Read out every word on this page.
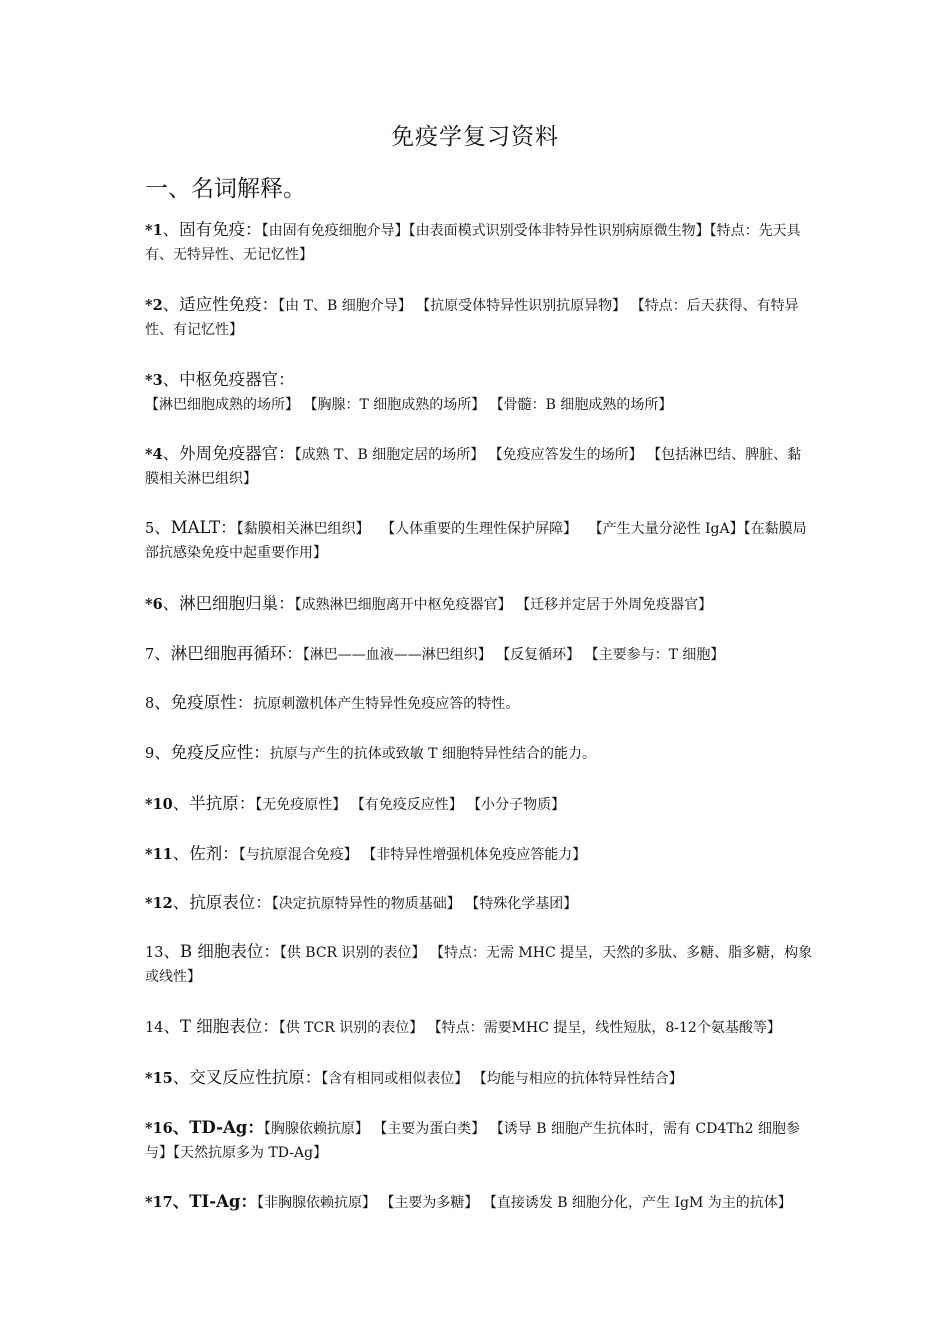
免疫学复习资料
一、名词解释。
*1、固有免疫：【由固有免疫细胞介导】【由表面模式识别受体非特异性识别病原微生物】【特点：先天具有、无特异性、无记忆性】
*2、适应性免疫：【由 T、B 细胞介导】 【抗原受体特异性识别抗原异物】 【特点：后天获得、有特异性、有记忆性】
*3、中枢免疫器官：【淋巴细胞成熟的场所】 【胸腺：T 细胞成熟的场所】 【骨髓：B 细胞成熟的场所】
*4、外周免疫器官：【成熟 T、B 细胞定居的场所】 【免疫应答发生的场所】 【包括淋巴结、脾脏、黏膜相关淋巴组织】
5、MALT：【黏膜相关淋巴组织】　 【人体重要的生理性保护屏障】　 【产生大量分泌性 IgA】【在黏膜局部抗感染免疫中起重要作用】
*6、淋巴细胞归巢：【成熟淋巴细胞离开中枢免疫器官】 【迁移并定居于外周免疫器官】
7、淋巴细胞再循环：【淋巴——血液——淋巴组织】 【反复循环】 【主要参与：T 细胞】
8、免疫原性：抗原刺激机体产生特异性免疫应答的特性。
9、免疫反应性：抗原与产生的抗体或致敏 T 细胞特异性结合的能力。
*10、半抗原：【无免疫原性】 【有免疫反应性】 【小分子物质】
*11、佐剂：【与抗原混合免疫】 【非特异性增强机体免疫应答能力】
*12、抗原表位：【决定抗原特异性的物质基础】 【特殊化学基团】
13、B 细胞表位：【供 BCR 识别的表位】 【特点：无需 MHC 提呈，天然的多肽、多糖、脂多糖，构象或线性】
14、T 细胞表位：【供 TCR 识别的表位】 【特点：需要MHC 提呈，线性短肽，8-12个氨基酸等】
*15、交叉反应性抗原：【含有相同或相似表位】 【均能与相应的抗体特异性结合】
*16、TD-Ag：【胸腺依赖抗原】 【主要为蛋白类】 【诱导 B 细胞产生抗体时，需有 CD4Th2 细胞参与】【天然抗原多为 TD-Ag】
*17、TI-Ag：【非胸腺依赖抗原】 【主要为多糖】 【直接诱发 B 细胞分化，产生 IgM 为主的抗体】
